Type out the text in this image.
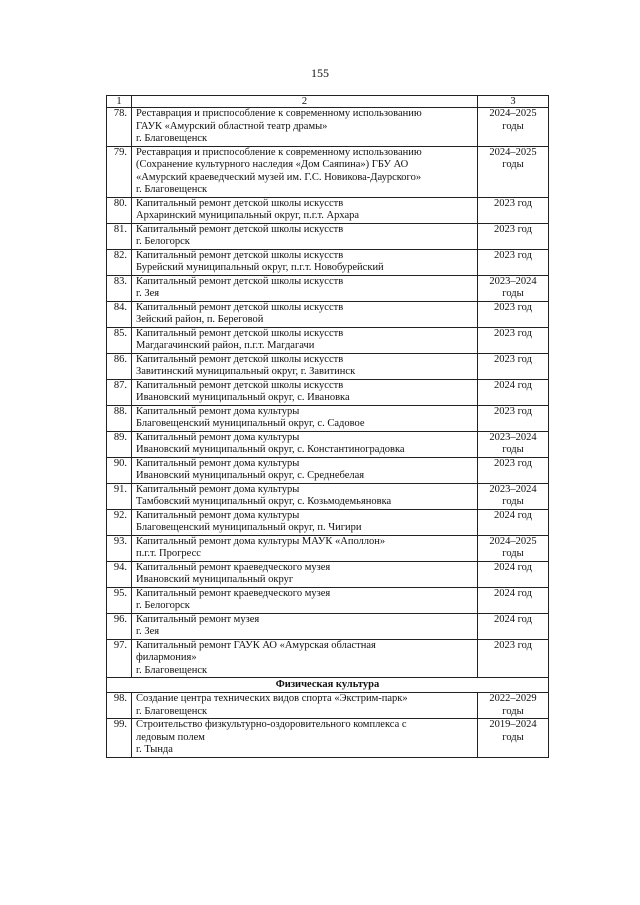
155
1	2	3
78.	Реставрация и приспособление к современному использованию
ГАУК «Амурский областной театр драмы»
г. Благовещенск	2024–2025
годы

79.	Реставрация и приспособление к современному использованию
(Сохранение культурного наследия «Дом Саяпина») ГБУ АО
«Амурский краеведческий музей им. Г.С. Новикова-Даурского»
г. Благовещенск	2024–2025
годы

80.	Капитальный ремонт детской школы искусств
Архаринский муниципальный округ, п.г.т. Архара	2023 год

81.	Капитальный ремонт детской школы искусств
г. Белогорск	2023 год

82.	Капитальный ремонт детской школы искусств
Бурейский муниципальный округ, п.г.т. Новобурейский	2023 год

83.	Капитальный ремонт детской школы искусств
г. Зея	2023–2024
годы

84.	Капитальный ремонт детской школы искусств
Зейский район, п. Береговой	2023 год

85.	Капитальный ремонт детской школы искусств
Магдагачинский район, п.г.т. Магдагачи	2023 год

86.	Капитальный ремонт детской школы искусств
Завитинский муниципальный округ, г. Завитинск	2023 год

87.	Капитальный ремонт детской школы искусств
Ивановский муниципальный округ, с. Ивановка	2024 год

88.	Капитальный ремонт дома культуры
Благовещенский муниципальный округ, с. Садовое	2023 год

89.	Капитальный ремонт дома культуры
Ивановский муниципальный округ, с. Константиноградовка	2023–2024
годы

90.	Капитальный ремонт дома культуры
Ивановский муниципальный округ, с. Среднебелая	2023 год

91.	Капитальный ремонт дома культуры
Тамбовский муниципальный округ, с. Козьмодемьяновка	2023–2024
годы

92.	Капитальный ремонт дома культуры
Благовещенский муниципальный округ, п. Чигири	2024 год

93.	Капитальный ремонт дома культуры МАУК «Аполлон»
п.г.т. Прогресс	2024–2025
годы

94.	Капитальный ремонт краеведческого музея
Ивановский муниципальный округ	2024 год

95.	Капитальный ремонт краеведческого музея
г. Белогорск	2024 год

96.	Капитальный ремонт музея
г. Зея	2024 год

97.	Капитальный ремонт ГАУК АО «Амурская областная
филармония»
г. Благовещенск	2023 год

Физическая культура		
98.	Создание центра технических видов спорта «Экстрим-парк»
г. Благовещенск	2022–2029
годы

99.	Строительство физкультурно-оздоровительного комплекса с
ледовым полем
г. Тында	2019–2024
годы
